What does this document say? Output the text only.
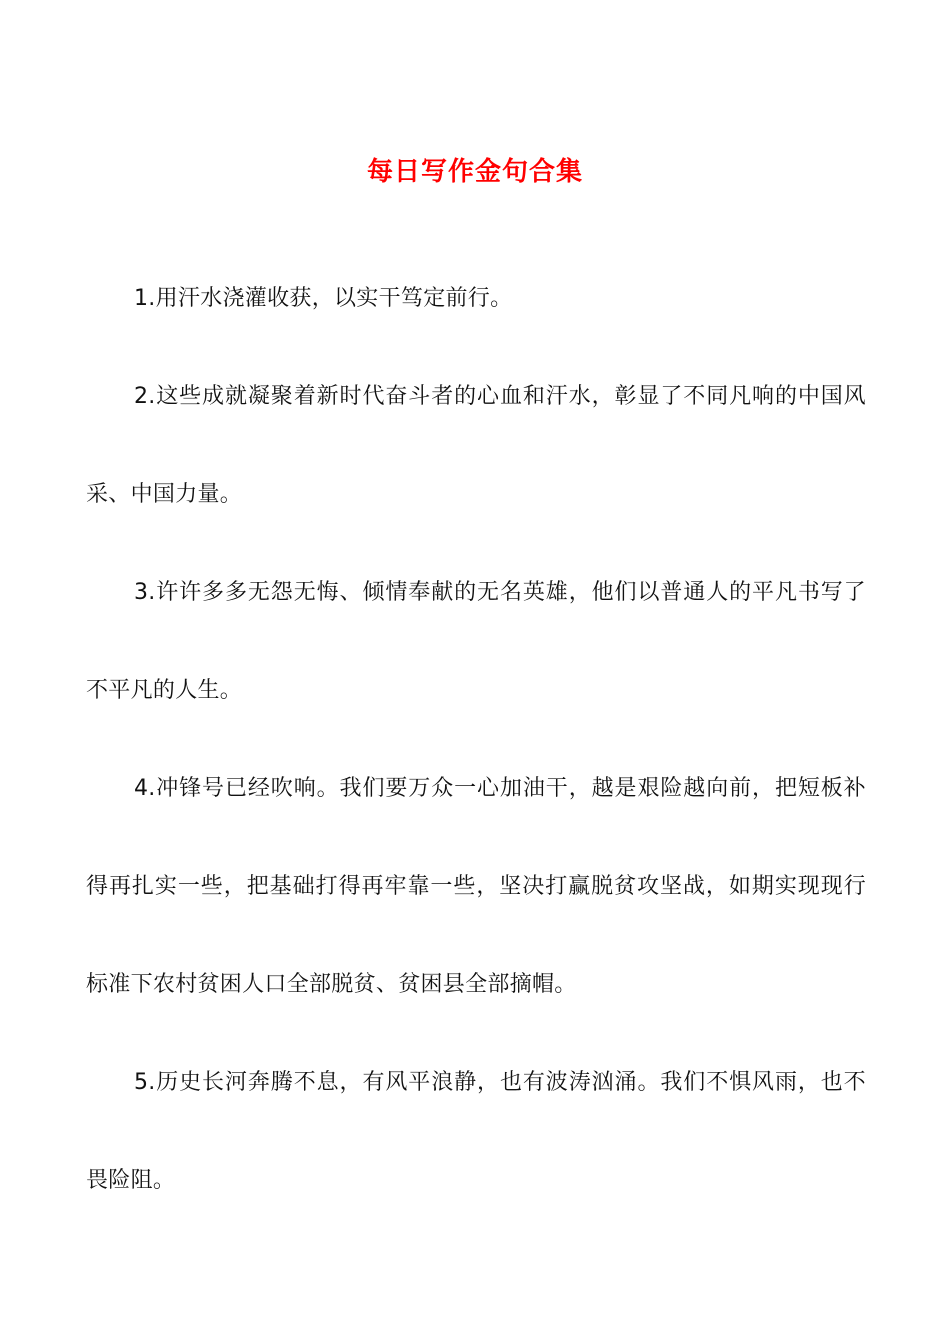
每日写作金句合集

1.用汗水浇灌收获，以实干笃定前行。

2.这些成就凝聚着新时代奋斗者的心血和汗水，彰显了不同凡响的中国风采、中国力量。

3.许许多多无怨无悔、倾情奉献的无名英雄，他们以普通人的平凡书写了不平凡的人生。

4.冲锋号已经吹响。我们要万众一心加油干，越是艰险越向前，把短板补得再扎实一些，把基础打得再牢靠一些，坚决打赢脱贫攻坚战，如期实现现行标准下农村贫困人口全部脱贫、贫困县全部摘帽。

5.历史长河奔腾不息，有风平浪静，也有波涛汹涌。我们不惧风雨，也不畏险阻。
